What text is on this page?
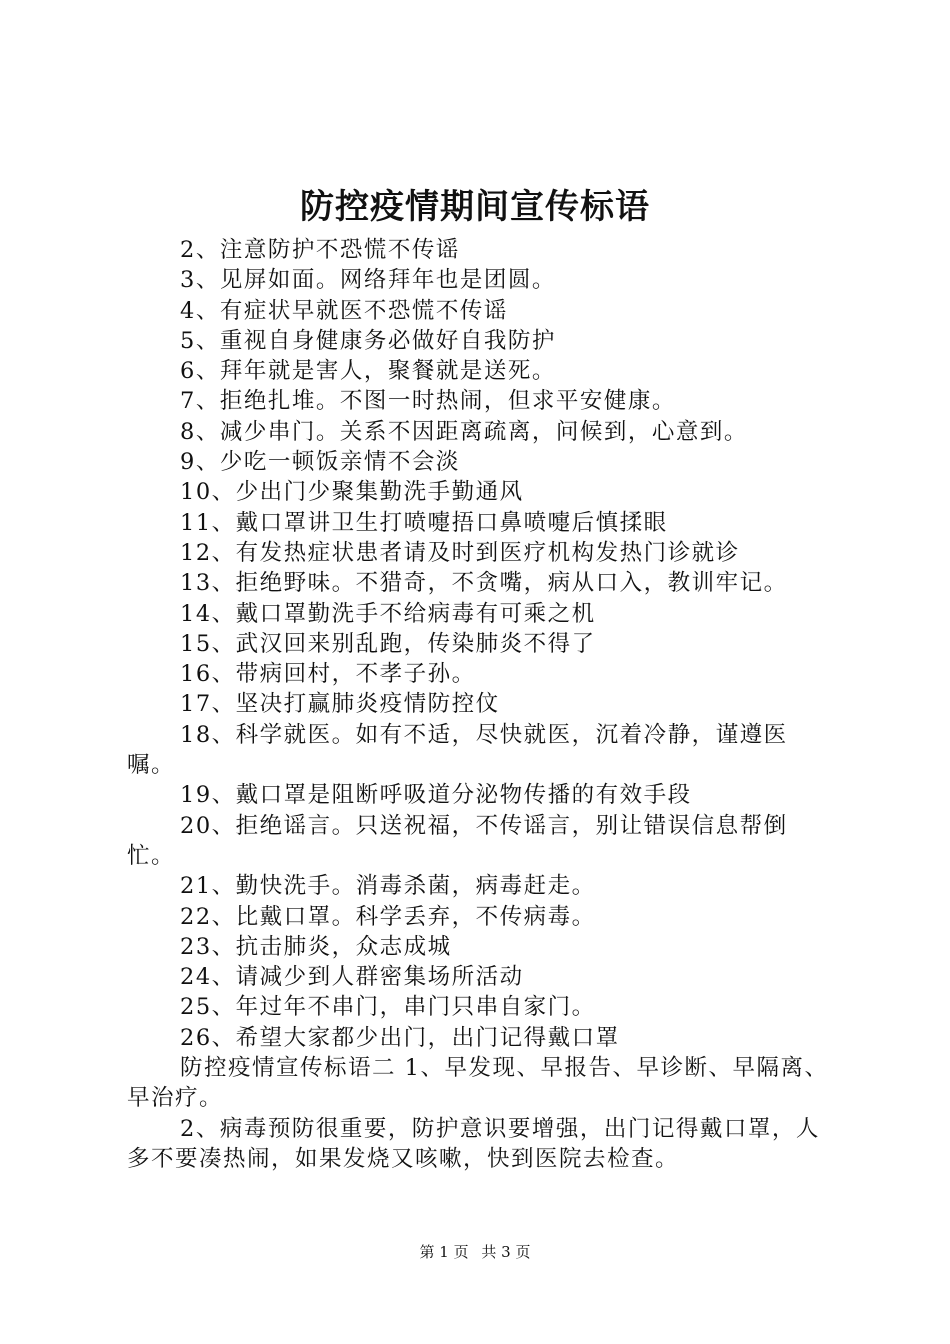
防控疫情期间宣传标语

2、注意防护不恐慌不传谣

3、见屏如面。网络拜年也是团圆。

4、有症状早就医不恐慌不传谣

5、重视自身健康务必做好自我防护

6、拜年就是害人，聚餐就是送死。

7、拒绝扎堆。不图一时热闹，但求平安健康。

8、减少串门。关系不因距离疏离，问候到，心意到。

9、少吃一顿饭亲情不会淡

10、少出门少聚集勤洗手勤通风

11、戴口罩讲卫生打喷嚏捂口鼻喷嚏后慎揉眼

12、有发热症状患者请及时到医疗机构发热门诊就诊

13、拒绝野味。不猎奇，不贪嘴，病从口入，教训牢记。

14、戴口罩勤洗手不给病毒有可乘之机

15、武汉回来别乱跑，传染肺炎不得了

16、带病回村，不孝子孙。

17、坚决打赢肺炎疫情防控伩

18、科学就医。如有不适，尽快就医，沉着冷静，谨遵医嘱。

19、戴口罩是阻断呼吸道分泌物传播的有效手段

20、拒绝谣言。只送祝福，不传谣言，别让错误信息帮倒忙。

21、勤快洗手。消毒杀菌，病毒赶走。

22、比戴口罩。科学丢弃，不传病毒。

23、抗击肺炎，众志成城

24、请减少到人群密集场所活动

25、年过年不串门，串门只串自家门。

26、希望大家都少出门，出门记得戴口罩

防控疫情宣传标语二 1、早发现、早报告、早诊断、早隔离、早治疗。

2、病毒预防很重要，防护意识要增强，出门记得戴口罩，人多不要凑热闹，如果发烧又咳嗽，快到医院去检查。

第 1 页 共 3 页
